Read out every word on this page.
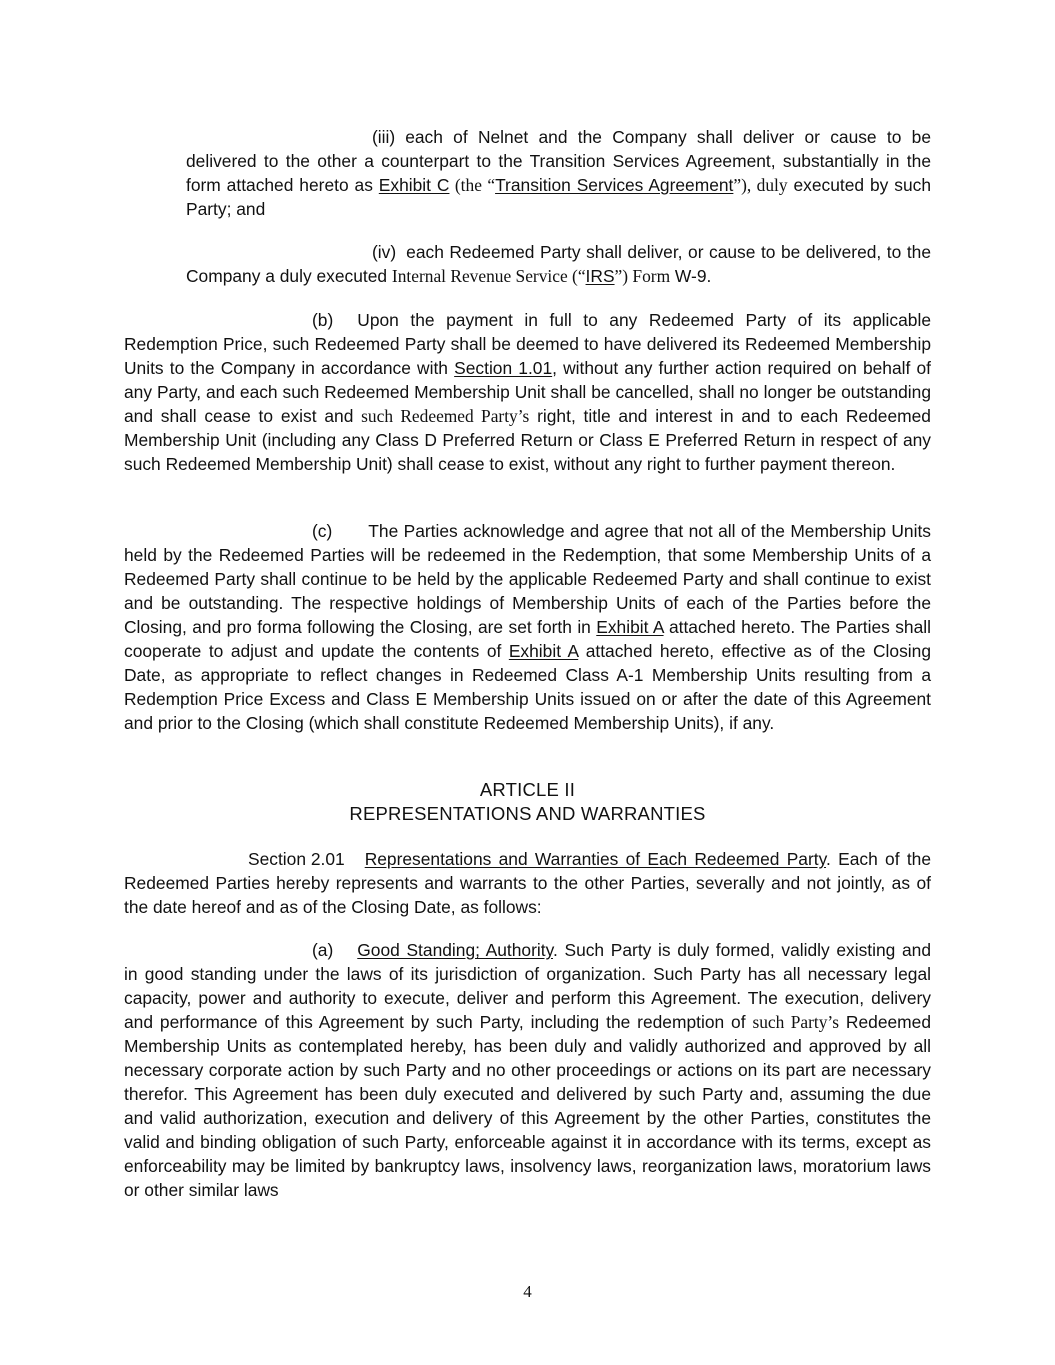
(iii) each of Nelnet and the Company shall deliver or cause to be delivered to the other a counterpart to the Transition Services Agreement, substantially in the form attached hereto as Exhibit C (the “Transition Services Agreement”), duly executed by such Party; and

(iv) each Redeemed Party shall deliver, or cause to be delivered, to the Company a duly executed Internal Revenue Service (“IRS”) Form W-9.

(b) Upon the payment in full to any Redeemed Party of its applicable Redemption Price, such Redeemed Party shall be deemed to have delivered its Redeemed Membership Units to the Company in accordance with Section 1.01, without any further action required on behalf of any Party, and each such Redeemed Membership Unit shall be cancelled, shall no longer be outstanding and shall cease to exist and such Redeemed Party’s right, title and interest in and to each Redeemed Membership Unit (including any Class D Preferred Return or Class E Preferred Return in respect of any such Redeemed Membership Unit) shall cease to exist, without any right to further payment thereon.

(c) The Parties acknowledge and agree that not all of the Membership Units held by the Redeemed Parties will be redeemed in the Redemption, that some Membership Units of a Redeemed Party shall continue to be held by the applicable Redeemed Party and shall continue to exist and be outstanding. The respective holdings of Membership Units of each of the Parties before the Closing, and pro forma following the Closing, are set forth in Exhibit A attached hereto. The Parties shall cooperate to adjust and update the contents of Exhibit A attached hereto, effective as of the Closing Date, as appropriate to reflect changes in Redeemed Class A-1 Membership Units resulting from a Redemption Price Excess and Class E Membership Units issued on or after the date of this Agreement and prior to the Closing (which shall constitute Redeemed Membership Units), if any.

ARTICLE II
REPRESENTATIONS AND WARRANTIES

Section 2.01 Representations and Warranties of Each Redeemed Party. Each of the Redeemed Parties hereby represents and warrants to the other Parties, severally and not jointly, as of the date hereof and as of the Closing Date, as follows:

(a) Good Standing; Authority. Such Party is duly formed, validly existing and in good standing under the laws of its jurisdiction of organization. Such Party has all necessary legal capacity, power and authority to execute, deliver and perform this Agreement. The execution, delivery and performance of this Agreement by such Party, including the redemption of such Party’s Redeemed Membership Units as contemplated hereby, has been duly and validly authorized and approved by all necessary corporate action by such Party and no other proceedings or actions on its part are necessary therefor. This Agreement has been duly executed and delivered by such Party and, assuming the due and valid authorization, execution and delivery of this Agreement by the other Parties, constitutes the valid and binding obligation of such Party, enforceable against it in accordance with its terms, except as enforceability may be limited by bankruptcy laws, insolvency laws, reorganization laws, moratorium laws or other similar laws

4
